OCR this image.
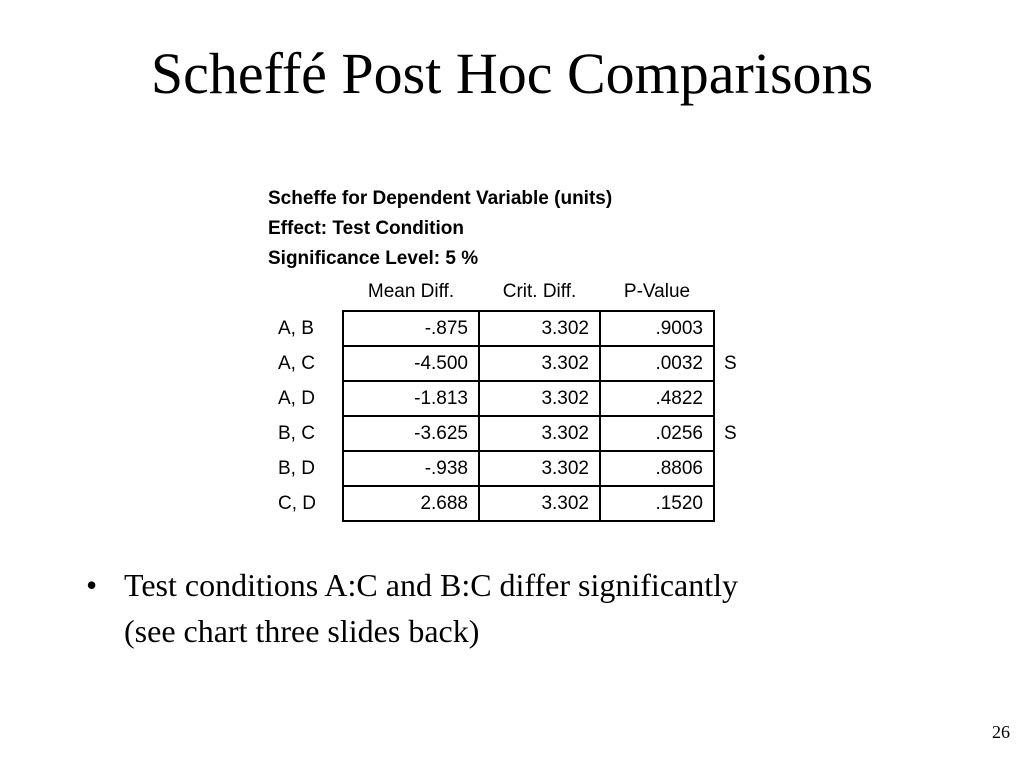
Scheffé Post Hoc Comparisons
Scheffe for Dependent Variable (units)
Effect: Test Condition
Significance Level: 5 %
	Mean Diff.	Crit. Diff.	P-Value	
A, B	-.875	3.302	.9003	
A, C	-4.500	3.302	.0032	S
A, D	-1.813	3.302	.4822	
B, C	-3.625	3.302	.0256	S
B, D	-.938	3.302	.8806	
C, D	2.688	3.302	.1520	
• Test conditions A:C and B:C differ significantly
(see chart three slides back)
26
